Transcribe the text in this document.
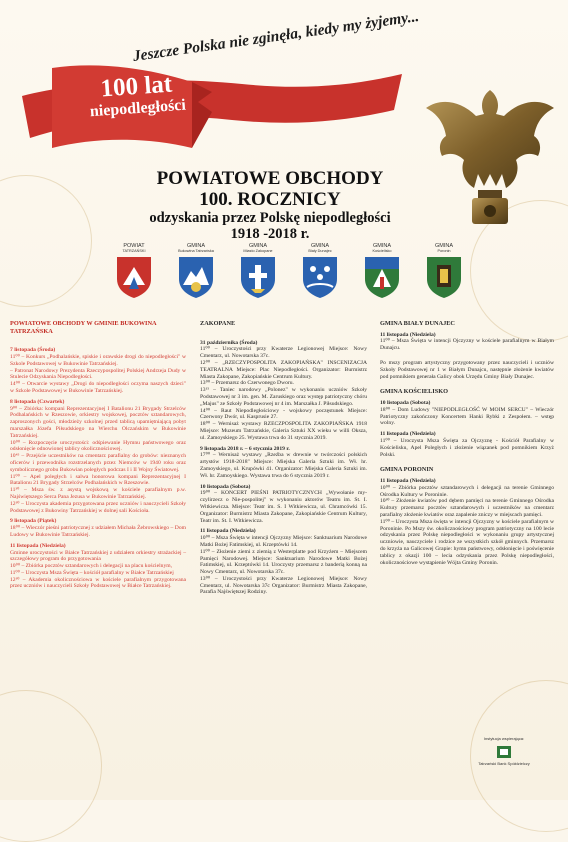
Jeszcze Polska nie zginęła, kiedy my żyjemy...
100 lat
niepodległości
POWIATOWE OBCHODY
100. ROCZNICY
odzyskania przez Polskę niepodległości
1918 -2018 r.
POWIAT
TATRZAŃSKI
GMINA
Bukowina Tatrzańska
GMINA
Miasto Zakopane
GMINA
Biały Dunajec
GMINA
Kościelisko
GMINA
Poronin
POWIATOWE OBCHODY W GMINIE BUKOWINA TATRZAŃSKA
7 listopada (Środa)
11⁰⁰ – Konkurs „Podhalańskie, spiskie i orawskie drogi do niepodległości" w Szkole Podstawowej w Bukowinie Tatrzańskiej.
– Patronat Narodowy Prezydenta Rzeczypospolitej Polskiej Andrzeja Dudy w Stulecie Odzyskania Niepodległości.
14⁰⁰ – Otwarcie wystawy „Drogi do niepodległości oczyma naszych dzieci" w Szkole Podstawowej w Bukowinie Tatrzańskiej.
8 listopada (Czwartek)
9⁰⁰ – Zbiórka: kompani Reprezentacyjnej I Batalionu 21 Brygady Strzelców Podhalańskich w Rzeszowie, orkiestry wojskowej, pocztów sztandarowych, zaproszonych gości, młodzieży szkolnej przed tablicą upamiętniającą pobyt marszałka Józefa Piłsudskiego na Wierchu Olczańskim w Bukowinie Tatrzańskiej.
10⁰⁰ – Rozpoczęcie uroczystości: odśpiewanie Hymnu państwowego oraz odsłonięcie odnowionej tablicy okolicznościowej.
10⁴⁵ – Przejście uczestników na cmentarz parafialny do grobów: nieznanych oficerów i przewodnika rozstrzelanych przez Niemców w 1940 roku oraz symbolicznego grobu Bukowian poległych podczas I i II Wojny Światowej.
11⁰⁰ – Apel poległych i salwa honorowa kompani Reprezentacyjnej I Batalionu 21 Brygady Strzelców Podhalańskich w Rzeszowie.
11³⁰ – Msza św. z asystą wojskową w kościele parafialnym p.w. Najświętszego Serca Pana Jezusa w Bukowinie Tatrzańskiej.
12³⁰ – Uroczysta akademia przygotowana przez uczniów i nauczycieli Szkoły Podstawowej z Bukowiny Tatrzańskiej w dolnej sali Kościoła.
9 listopada (Piątek)
18⁰⁰ – Wieczór pieśni patriotycznej z udziałem Michała Żebrowskiego – Dom Ludowy w Bukowinie Tatrzańskiej.
11 listopada (Niedziela)
Gminne uroczystości w Białce Tatrzańskiej z udziałem orkiestry strażackiej – szczegółowy program do przygotowania
10⁰⁰ – Zbiórka pocztów sztandarowych i delegacji na placu kościelnym,
11⁰⁰ – Uroczysta Msza Święta – kościół parafialny w Białce Tatrzańskiej
12³⁰ – Akademia okolicznościowa w kościele parafialnym przygotowana przez uczniów i nauczycieli Szkoły Podstawowej w Białce Tatrzańskiej.
ZAKOPANE
31 października (Środa)
11⁰⁰ – Uroczystości przy Kwaterze Legionowej Miejsce: Nowy Cmentarz, ul. Nowotarska 37c.
12⁰⁰ – „RZECZYPOSPOLITA ZAKOPIAŃSKA" INSCENIZACJA TEATRALNA Miejsce: Plac Niepodległości. Organizator: Burmistrz Miasta Zakopane, Zakopiańskie Centrum Kultury.
13⁰⁰ – Przemarsz do Czerwonego Dworu.
13¹⁵ – Taniec narodowy „Polonez" w wykonaniu uczniów Szkoły Podstawowej nr 3 im. gen. M. Zaruskiego oraz występ patriotyczny chóru „Majus" ze Szkoły Podstawowej nr 4 im. Marszałka J. Piłsudskiego.
14⁰⁰ – Raut Niepodległościowy - wojskowy poczęstunek Miejsce: Czerwony Dwór, ul. Kasprusie 27.
18⁰⁰ – Wernisaż wystawy RZECZPOSPOLITA ZAKOPIAŃSKA 1918 Miejsce: Muzeum Tatrzańskie, Galeria Sztuki XX wieku w willi Oksza, ul. Zamoyskiego 25. Wystawa trwa do 31 stycznia 2019.
9 listopada 2018 r. – 6 stycznia 2019 r.
17⁰⁰ – Wernisaż wystawy „Rzeźba w drewnie w twórczości polskich artystów 1918-2018" Miejsce: Miejska Galeria Sztuki im. Wł. hr. Zamoyskiego, ul. Krupówki 41. Organizator: Miejska Galeria Sztuki im. Wł. hr. Zamoyskiego. Wystawa trwa do 6 stycznia 2019 r.
10 listopada (Sobota)
19⁰⁰ – KONCERT PIEŚNI PATRIOTYCZNYCH „Wywołanie my-czylirzecz o Nie-pospolitej" w wykonaniu aktorów Teatru im. St. I. Witkiewicza. Miejsce: Teatr im. S. I Witkiewicza, ul. Chramcówki 15. Organizator: Burmistrz Miasta Zakopane, Zakopiańskie Centrum Kultury, Teatr im. St. I. Witkiewicza.
11 listopada (Niedziela)
10⁰⁰ – Msza Święta w intencji Ojczyzny Miejsce: Sanktuarium Narodowe Matki Bożej Fatimskiej, ul. Krzeptówki 14.
11⁰⁰ – Złożenie ziemi z ziemią z Westerplatte pod Krzyżem – Miejscem Pamięci Narodowej. Miejsce: Sanktuarium Narodowe Matki Bożej Fatimskiej, ul. Krzeptówki 14. Uroczysty przemarsz z banderią konną na Nowy Cmentarz, ul. Nowotarska 37c.
13⁰⁰ – Uroczystości przy Kwaterze Legionowej Miejsce: Nowy Cmentarz, ul. Nowotarska 37c Organizator: Burmistrz Miasta Zakopane, Parafia Najświętszej Rodziny.
GMINA BIAŁY DUNAJEC
11 listopada (Niedziela)
11⁰⁰ – Msza Święta w intencji Ojczyzny w kościele parafialnym w Białym Dunajcu.
Po mszy program artystyczny przygotowany przez nauczycieli i uczniów Szkoły Podstawowej nr 1 w Białym Dunajcu, następnie złożenie kwiatów pod pomnikiem generała Galicy obok Urzędu Gminy Biały Dunajec.
GMINA KOŚCIELISKO
10 listopada (Sobota)
18⁰⁰ – Dom Ludowy "NIEPODLEGŁOŚĆ W MOIM SERCU" – Wieczór Patriotyczny zakończony Koncertem Hanki Rybki z Zespołem. – wstęp wolny.
11 listopada (Niedziela)
11⁰⁰ – Uroczysta Msza Święta za Ojczyznę - Kościół Parafialny w Kościelisku, Apel Poległych i złożenie wiązanek pod pomnikiem Krzyż Polski.
GMINA PORONIN
11 listopada (Niedziela)
10⁰⁰ – Zbiórka pocztów sztandarowych i delegacji na terenie Gminnego Ośrodka Kultury w Poroninie.
10³⁰ – Złożenie kwiatów pod dębem pamięci na terenie Gminnego Ośrodka Kultury przemarsz pocztów sztandarowych i uczestników na cmentarz parafialny złożenie kwiatów oraz zapalenie zniczy w miejscach pamięci.
11⁰⁰ – Uroczysta Msza święta w intencji Ojczyzny w kościele parafialnym w Poroninie. Po Mszy św. okolicznościowy program patriotyczny na 100 lecie odzyskania przez Polskę niepodległości w wykonaniu grupy artystycznej uczniowie, nauczyciele i rodzice ze wszystkich szkół gminnych. Przemarsz do krzyża na Galicowej Grapie: hymn państwowy, odsłonięcie i poświęcenie tablicy z okazji 100 – lecia odzyskania przez Polskę niepodległości, okolicznościowe wystąpienie Wójta Gminy Poronin.
Instytucja wspierająca:
Tatrzański Bank Spółdzielczy
